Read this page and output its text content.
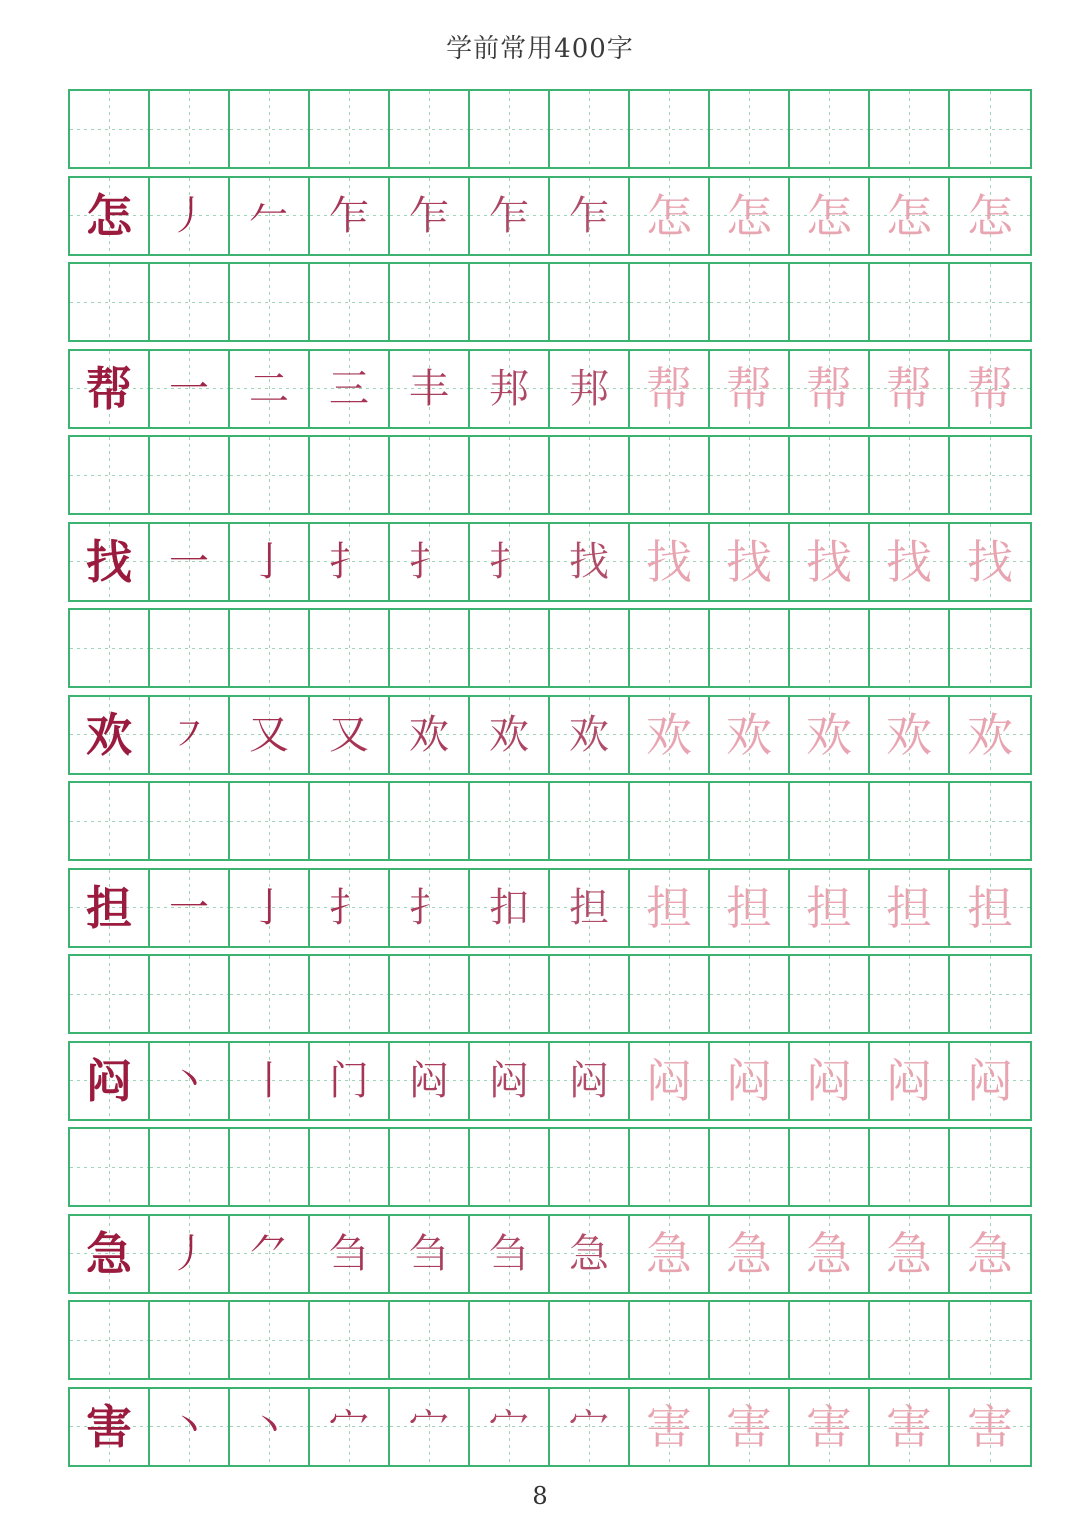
学前常用400字
怎 丿 𠂉 乍 乍 乍 乍 怎 怎 怎 怎 怎
帮 一 二 三 丰 邦 邦 帮 帮 帮 帮 帮
找 一 亅 扌 扌 扌 找 找 找 找 找 找
欢 ㇇ 又 又 欢 欢 欢 欢 欢 欢 欢 欢
担 一 亅 扌 扌 扣 担 担 担 担 担 担
闷 丶 丨 门 闷 闷 闷 闷 闷 闷 闷 闷
急 丿 ⺈ 刍 刍 刍 急 急 急 急 急 急
害 丶 丶 宀 宀 宀 宀 害 害 害 害 害
8
